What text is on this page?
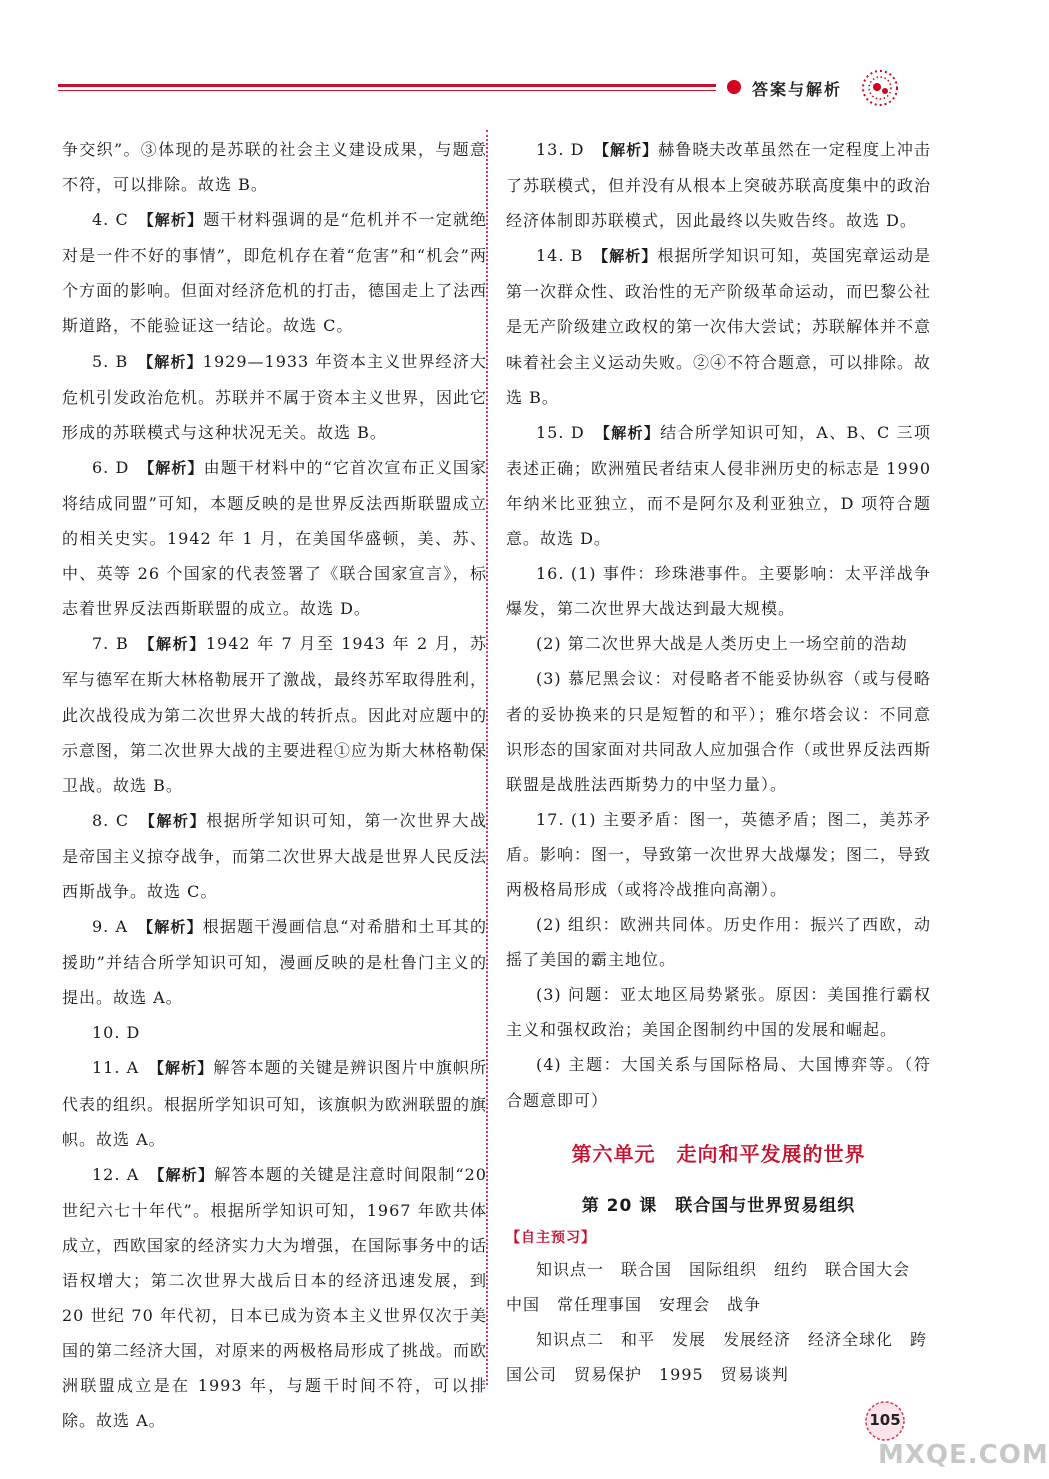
答案与解析

争交织”。③体现的是苏联的社会主义建设成果，与题意不符，可以排除。故选 B。

4. C　 【解析】题干材料强调的是“危机并不一定就绝对是一件不好的事情”，即危机存在着“危害”和“机会”两个方面的影响。但面对经济危机的打击，德国走上了法西斯道路，不能验证这一结论。故选 C。

5. B　 【解析】1929—1933 年资本主义世界经济大危机引发政治危机。苏联并不属于资本主义世界，因此它形成的苏联模式与这种状况无关。故选 B。

6. D　 【解析】由题干材料中的“它首次宣布正义国家将结成同盟”可知，本题反映的是世界反法西斯联盟成立的相关史实。1942 年 1 月，在美国华盛顿，美、苏、中、英等 26 个国家的代表签署了《联合国家宣言》，标志着世界反法西斯联盟的成立。故选 D。

7. B　 【解析】1942 年 7 月至 1943 年 2 月，苏军与德军在斯大林格勒展开了激战，最终苏军取得胜利，此次战役成为第二次世界大战的转折点。因此对应题中的示意图，第二次世界大战的主要进程①应为斯大林格勒保卫战。故选 B。

8. C　 【解析】根据所学知识可知，第一次世界大战是帝国主义掠夺战争，而第二次世界大战是世界人民反法西斯战争。故选 C。

9. A　 【解析】根据题干漫画信息“对希腊和土耳其的援助”并结合所学知识可知，漫画反映的是杜鲁门主义的提出。故选 A。

10. D

11. A　 【解析】解答本题的关键是辨识图片中旗帜所代表的组织。根据所学知识可知，该旗帜为欧洲联盟的旗帜。故选 A。

12. A　 【解析】解答本题的关键是注意时间限制“20 世纪六七十年代”。根据所学知识可知，1967 年欧共体成立，西欧国家的经济实力大为增强，在国际事务中的话语权增大；第二次世界大战后日本的经济迅速发展，到 20 世纪 70 年代初，日本已成为资本主义世界仅次于美国的第二经济大国，对原来的两极格局形成了挑战。而欧洲联盟成立是在 1993 年，与题干时间不符，可以排除。故选 A。

13. D　 【解析】赫鲁晓夫改革虽然在一定程度上冲击了苏联模式，但并没有从根本上突破苏联高度集中的政治经济体制即苏联模式，因此最终以失败告终。故选 D。

14. B　 【解析】根据所学知识可知，英国宪章运动是第一次群众性、政治性的无产阶级革命运动，而巴黎公社是无产阶级建立政权的第一次伟大尝试；苏联解体并不意味着社会主义运动失败。②④不符合题意，可以排除。故选 B。

15. D　 【解析】结合所学知识可知，A、B、C 三项表述正确；欧洲殖民者结束人侵非洲历史的标志是 1990 年纳米比亚独立，而不是阿尔及利亚独立，D 项符合题意。故选 D。

16. (1) 事件：珍珠港事件。主要影响：太平洋战争爆发，第二次世界大战达到最大规模。

(2) 第二次世界大战是人类历史上一场空前的浩劫

(3) 慕尼黑会议：对侵略者不能妥协纵容（或与侵略者的妥协换来的只是短暂的和平）；雅尔塔会议：不同意识形态的国家面对共同敌人应加强合作（或世界反法西斯联盟是战胜法西斯势力的中坚力量）。

17. (1) 主要矛盾：图一，英德矛盾；图二，美苏矛盾。影响：图一，导致第一次世界大战爆发；图二，导致两极格局形成（或将冷战推向高潮）。

(2) 组织：欧洲共同体。历史作用：振兴了西欧，动摇了美国的霸主地位。

(3) 问题：亚太地区局势紧张。原因：美国推行霸权主义和强权政治；美国企图制约中国的发展和崛起。

(4) 主题：大国关系与国际格局、大国博弈等。（符合题意即可）

第六单元　走向和平发展的世界
第 20 课　联合国与世界贸易组织
【自主预习】

知识点一　联合国　国际组织　纽约　联合国大会

中国　常任理事国　安理会　战争

知识点二　和平　发展　发展经济　经济全球化　跨

国公司　贸易保护　1995　贸易谈判

105
MXQE.COM
